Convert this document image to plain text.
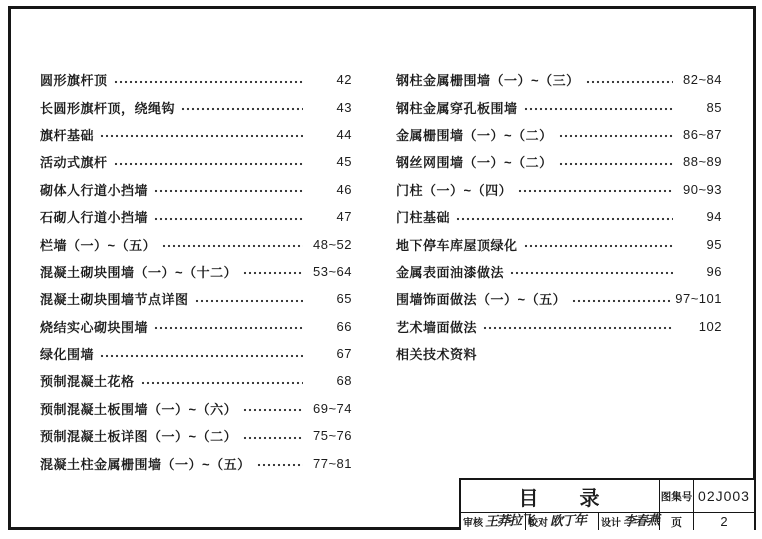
圆形旗杆顶	42
长圆形旗杆顶，绕绳钩	43
旗杆基础	44
活动式旗杆	45
砌体人行道小挡墙	46
石砌人行道小挡墙	47
栏墙（一）~（五）	48~52
混凝土砌块围墙（一）~（十二）	53~64
混凝土砌块围墙节点详图	65
烧结实心砌块围墙	66
绿化围墙	67
预制混凝土花格	68
预制混凝土板围墙（一）~（六）	69~74
预制混凝土板详图（一）~（二）	75~76
混凝土柱金属栅围墙（一）~（五）	77~81
钢柱金属栅围墙（一）~（三）	82~84
钢柱金属穿孔板围墙	85
金属栅围墙（一）~（二）	86~87
钢丝网围墙（一）~（二）	88~89
门柱（一）~（四）	90~93
门柱基础	94
地下停车库屋顶绿化	95
金属表面油漆做法	96
围墙饰面做法（一）~（五）	97~101
艺术墙面做法	102
相关技术资料
目  录	图集号 02J003
审核 王莽拉飞
校对 欧丁年 设计 李春燕	页	2
